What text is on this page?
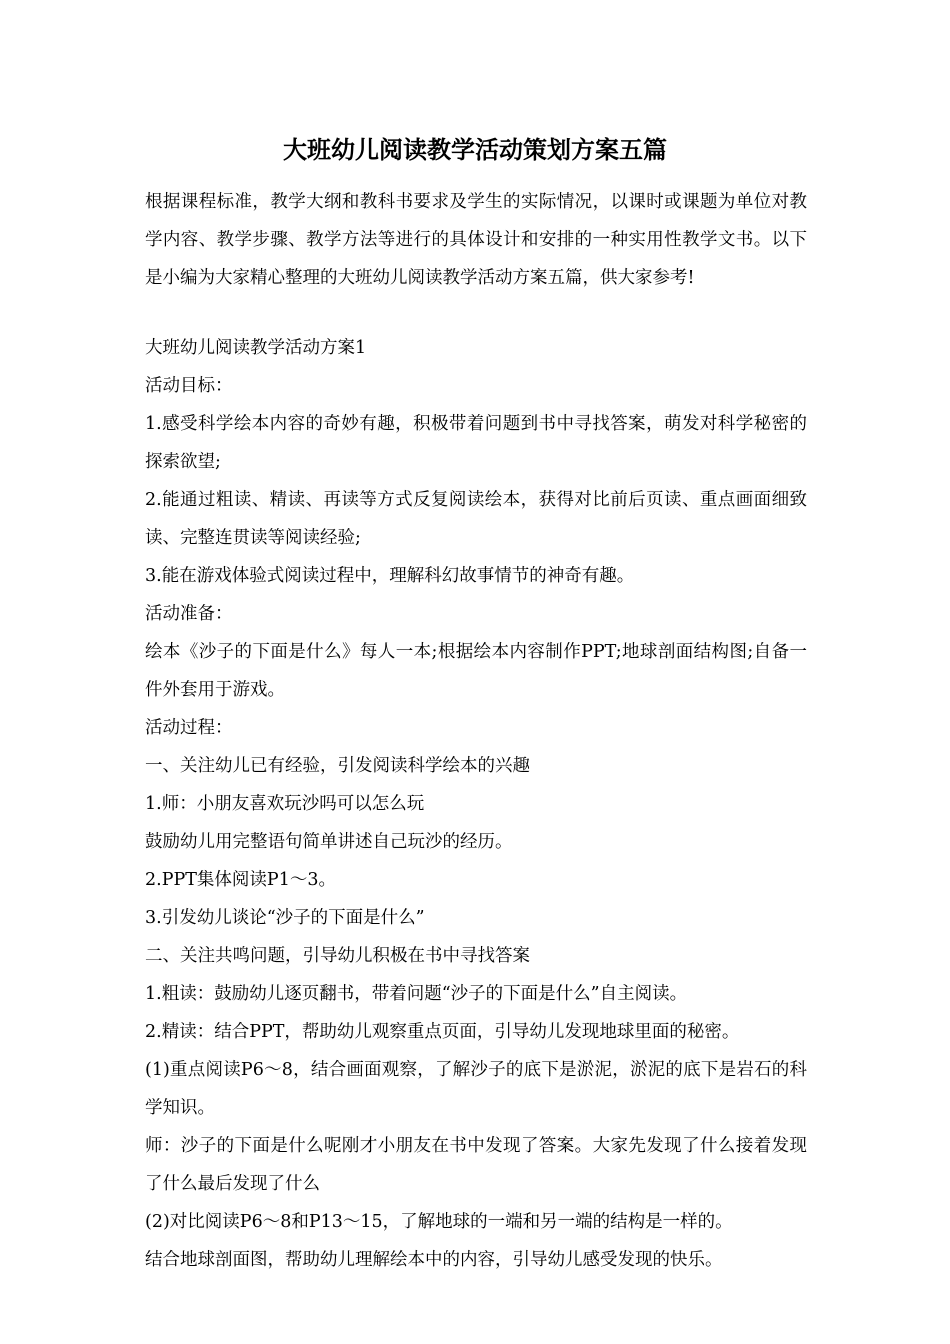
大班幼儿阅读教学活动策划方案五篇

根据课程标准，教学大纲和教科书要求及学生的实际情况，以课时或课题为单位对教学内容、教学步骤、教学方法等进行的具体设计和安排的一种实用性教学文书。以下是小编为大家精心整理的大班幼儿阅读教学活动方案五篇，供大家参考!

大班幼儿阅读教学活动方案1

活动目标：

1.感受科学绘本内容的奇妙有趣，积极带着问题到书中寻找答案，萌发对科学秘密的探索欲望;

2.能通过粗读、精读、再读等方式反复阅读绘本，获得对比前后页读、重点画面细致读、完整连贯读等阅读经验;

3.能在游戏体验式阅读过程中，理解科幻故事情节的神奇有趣。

活动准备：

绘本《沙子的下面是什么》每人一本;根据绘本内容制作PPT;地球剖面结构图;自备一件外套用于游戏。

活动过程：

一、关注幼儿已有经验，引发阅读科学绘本的兴趣

1.师：小朋友喜欢玩沙吗可以怎么玩

鼓励幼儿用完整语句简单讲述自己玩沙的经历。

2.PPT集体阅读P1～3。

3.引发幼儿谈论“沙子的下面是什么”

二、关注共鸣问题，引导幼儿积极在书中寻找答案

1.粗读：鼓励幼儿逐页翻书，带着问题“沙子的下面是什么”自主阅读。

2.精读：结合PPT，帮助幼儿观察重点页面，引导幼儿发现地球里面的秘密。

(1)重点阅读P6～8，结合画面观察，了解沙子的底下是淤泥，淤泥的底下是岩石的科学知识。

师：沙子的下面是什么呢刚才小朋友在书中发现了答案。大家先发现了什么接着发现了什么最后发现了什么

(2)对比阅读P6～8和P13～15，了解地球的一端和另一端的结构是一样的。

结合地球剖面图，帮助幼儿理解绘本中的内容，引导幼儿感受发现的快乐。
